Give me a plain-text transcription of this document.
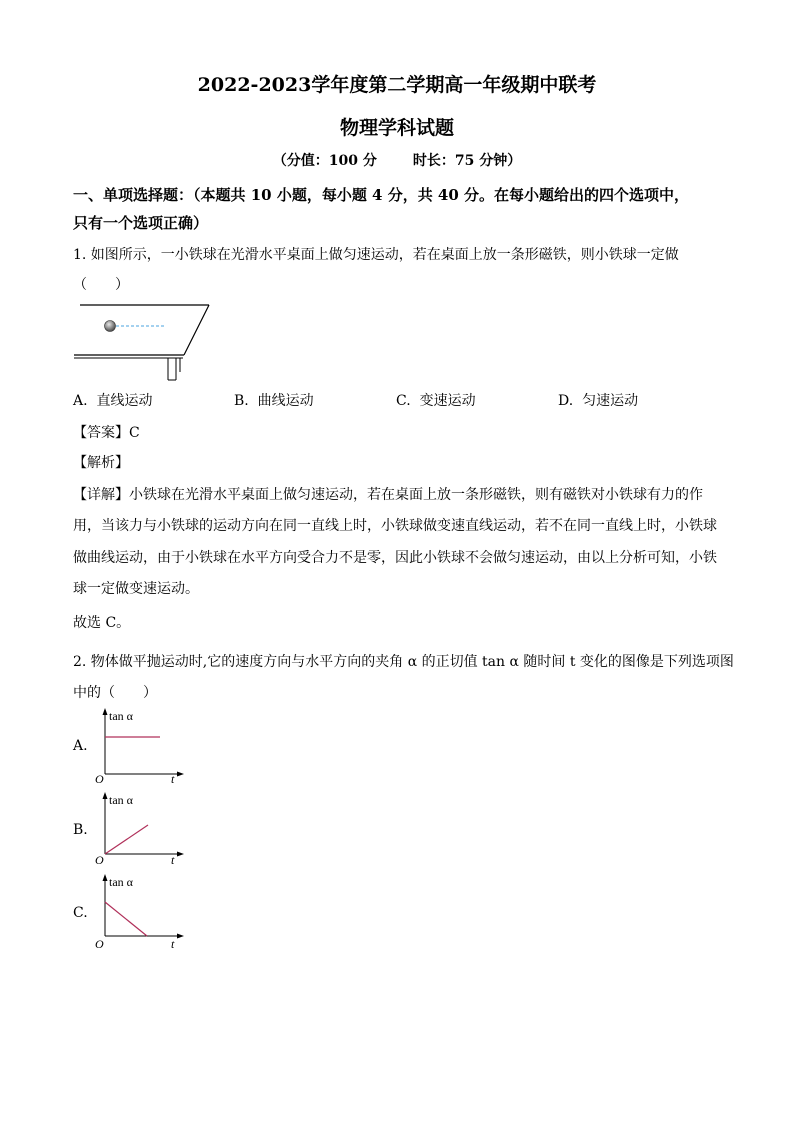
2022-2023学年度第二学期高一年级期中联考
物理学科试题
（分值：100 分	时长：75 分钟）
一、单项选择题：（本题共 10 小题，每小题 4 分，共 40 分。在每小题给出的四个选项中，
只有一个选项正确）
1. 如图所示，一小铁球在光滑水平桌面上做匀速运动，若在桌面上放一条形磁铁，则小铁球一定做
（　　）
A. 直线运动	B. 曲线运动	C. 变速运动	D. 匀速运动
【答案】C
【解析】
【详解】小铁球在光滑水平桌面上做匀速运动，若在桌面上放一条形磁铁，则有磁铁对小铁球有力的作
用，当该力与小铁球的运动方向在同一直线上时，小铁球做变速直线运动，若不在同一直线上时，小铁球
做曲线运动，由于小铁球在水平方向受合力不是零，因此小铁球不会做匀速运动，由以上分析可知，小铁
球一定做变速运动。
故选 C。
2. 物体做平抛运动时,它的速度方向与水平方向的夹角 α 的正切值 tan α 随时间 t 变化的图像是下列选项图
中的（　　）
A.
tan α
t
O
B.
tan α
t
O
C.
tan α
t
O
